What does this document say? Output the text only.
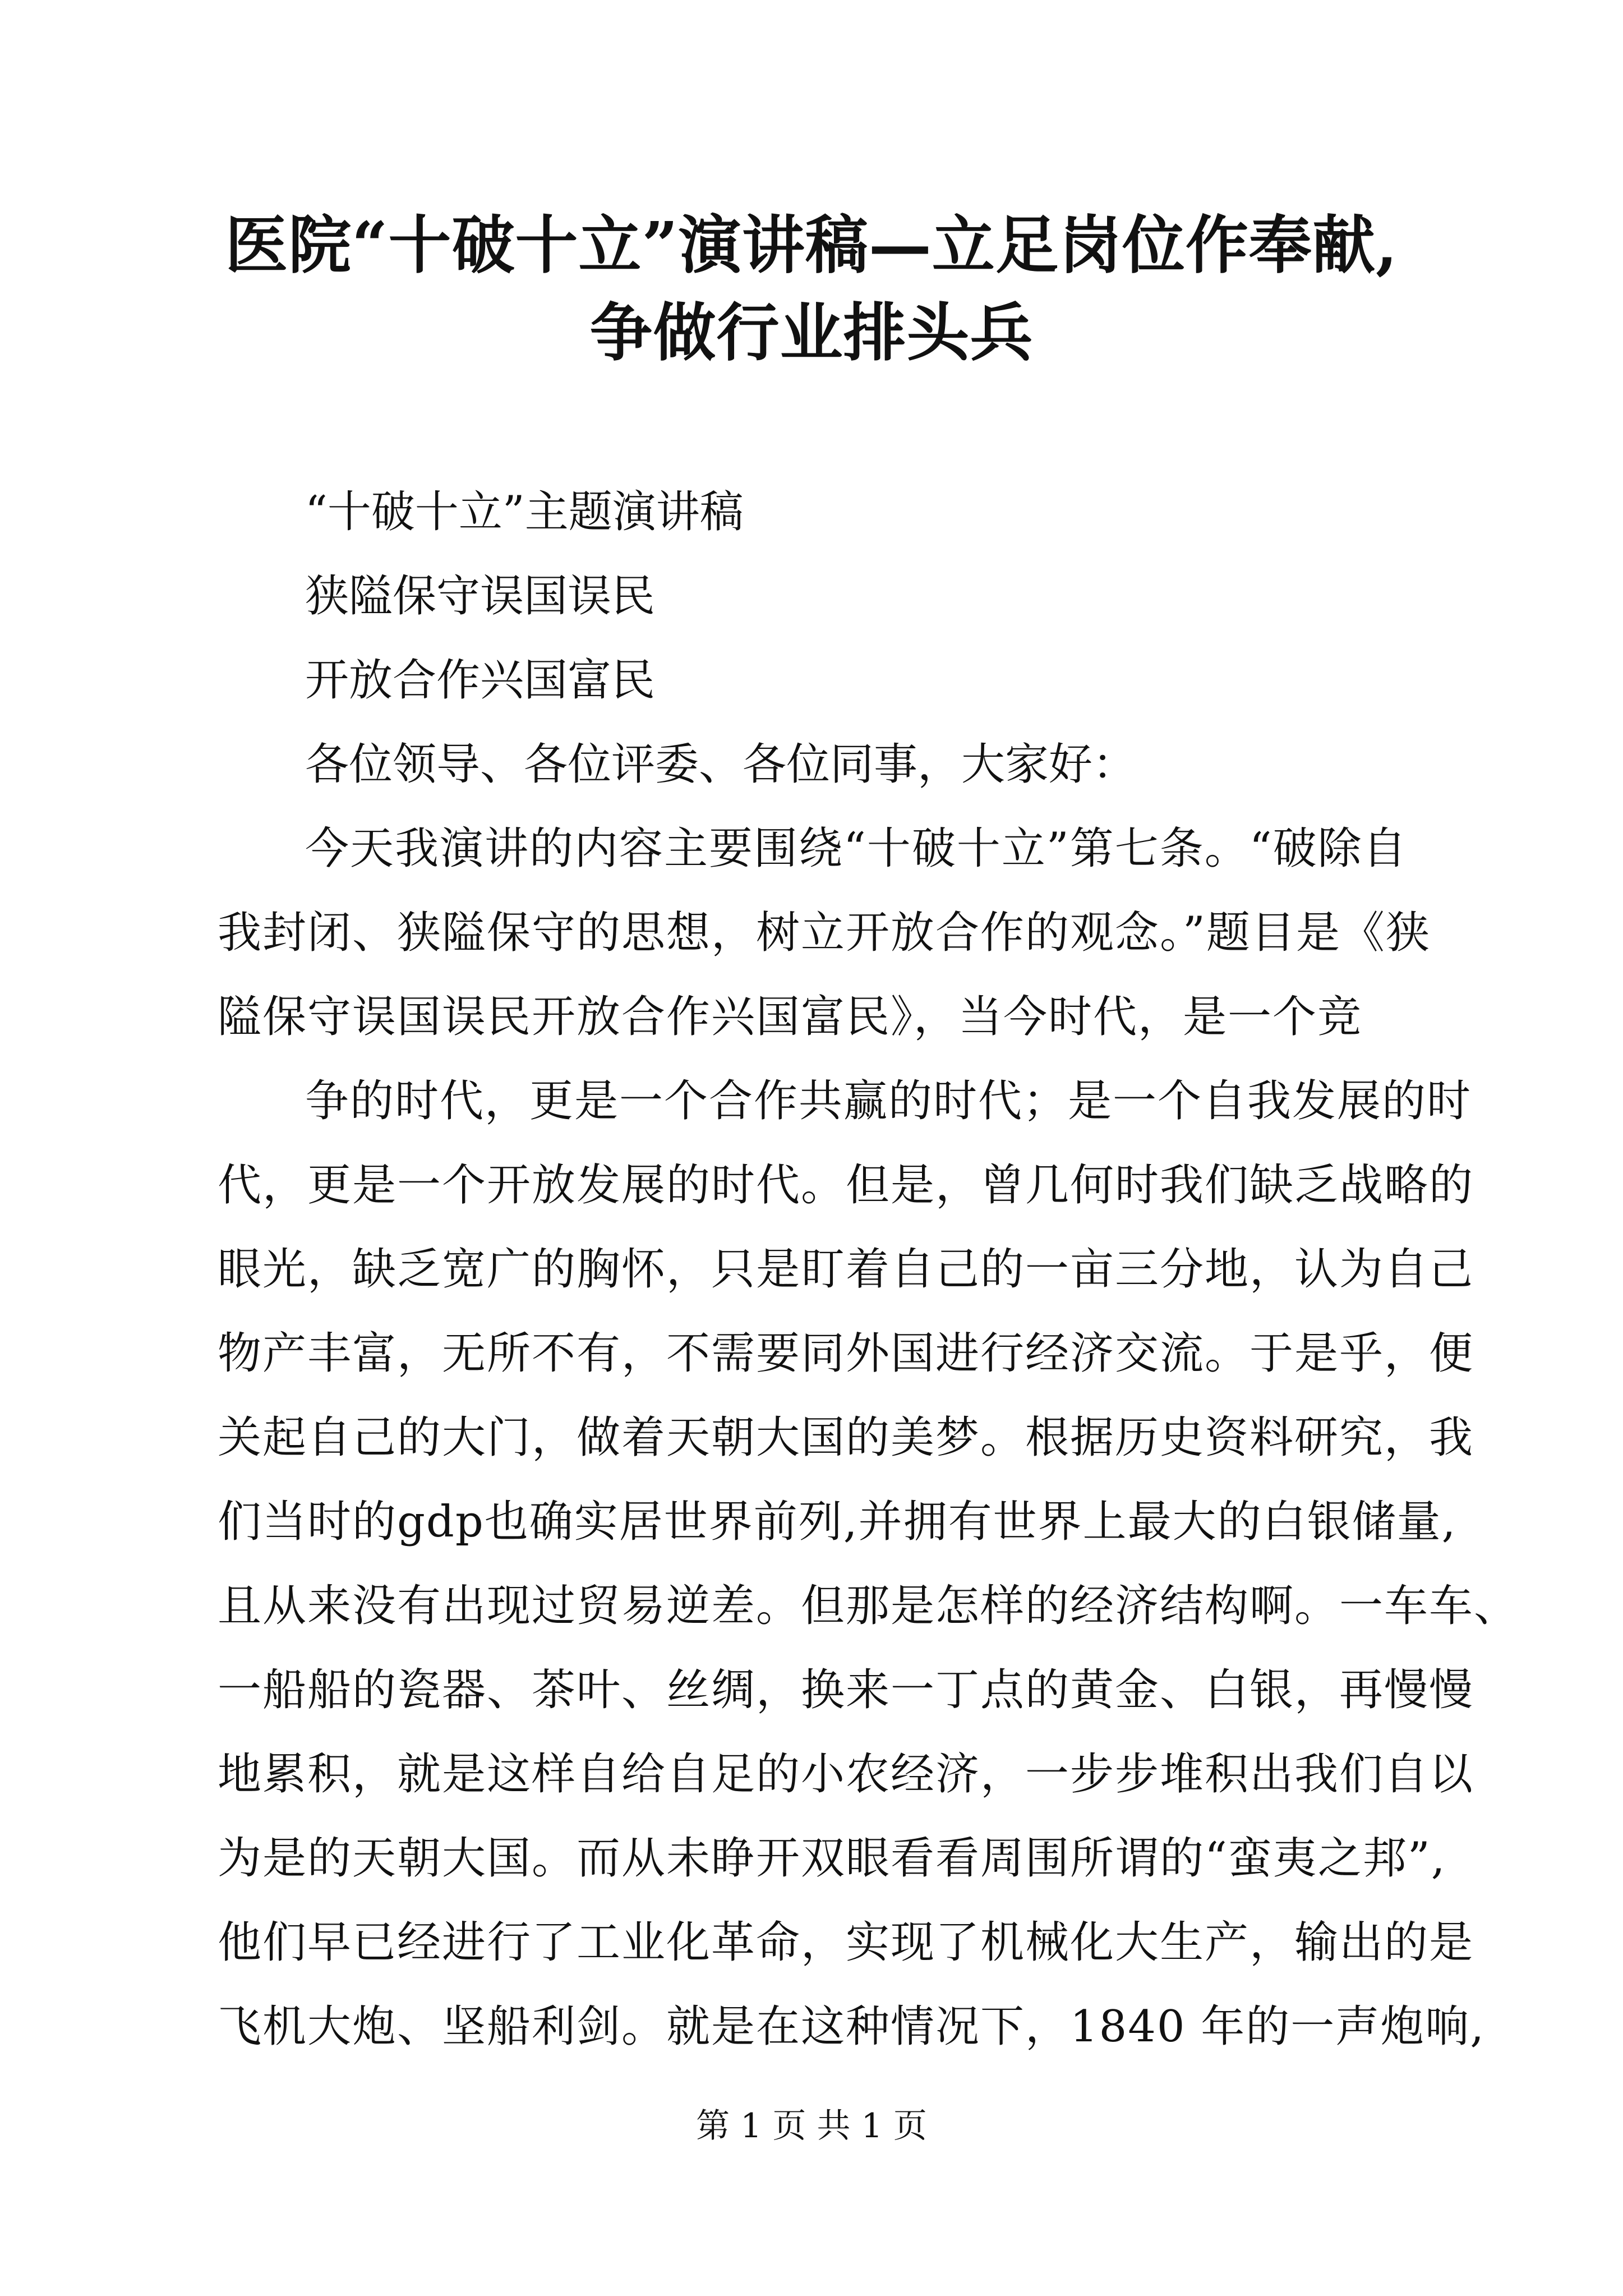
医院“十破十立”演讲稿—立足岗位作奉献,
争做行业排头兵

“十破十立”主题演讲稿

狭隘保守误国误民

开放合作兴国富民

各位领导、各位评委、各位同事，大家好：

今天我演讲的内容主要围绕“十破十立”第七条。“破除自
我封闭、狭隘保守的思想，树立开放合作的观念。”题目是《狭
隘保守误国误民开放合作兴国富民》，当今时代，是一个竞

争的时代，更是一个合作共赢的时代；是一个自我发展的时
代，更是一个开放发展的时代。但是，曾几何时我们缺乏战略的
眼光，缺乏宽广的胸怀，只是盯着自己的一亩三分地，认为自己
物产丰富，无所不有，不需要同外国进行经济交流。于是乎，便
关起自己的大门，做着天朝大国的美梦。根据历史资料研究，我
们当时的gdp也确实居世界前列,并拥有世界上最大的白银储量,
且从来没有出现过贸易逆差。但那是怎样的经济结构啊。一车车、
一船船的瓷器、茶叶、丝绸，换来一丁点的黄金、白银，再慢慢
地累积，就是这样自给自足的小农经济，一步步堆积出我们自以
为是的天朝大国。而从未睁开双眼看看周围所谓的“蛮夷之邦”,
他们早已经进行了工业化革命，实现了机械化大生产，输出的是
飞机大炮、坚船利剑。就是在这种情况下，1840 年的一声炮响,

第 1 页 共 1 页
